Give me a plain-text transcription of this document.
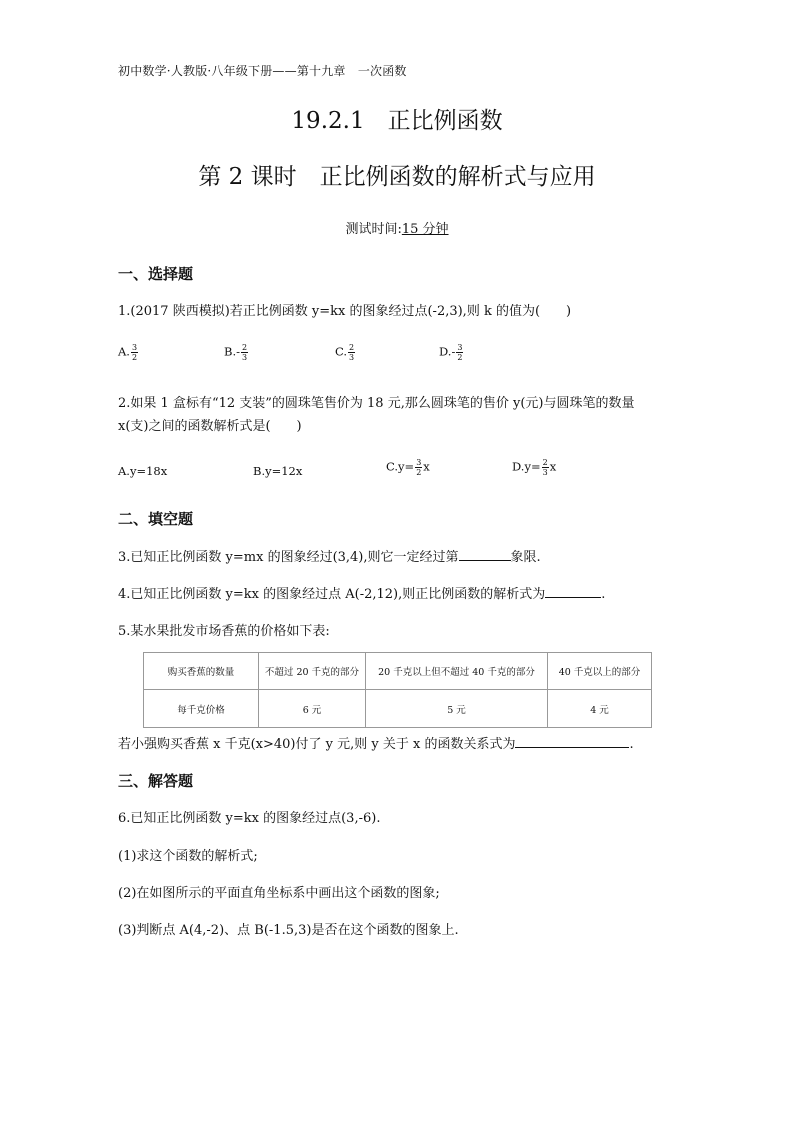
初中数学·人教版·八年级下册——第十九章　一次函数
19.2.1　正比例函数
第 2 课时　正比例函数的解析式与应用
测试时间:15 分钟
一、选择题
1.(2017 陕西模拟)若正比例函数 y=kx 的图象经过点(-2,3),则 k 的值为(　　)
A. $\frac{3}{2}$	$B.- \frac{2}{3}$	C. $\frac{2}{3}$	$D.- \frac{3}{2}$
2.如果 1 盒标有“12 支装”的圆珠笔售价为 18 元,那么圆珠笔的售价 y(元)与圆珠笔的数量
x(支)之间的函数解析式是(　　)
A.y=18x	B.y=12x	$C.y= \frac{3}{2}$ x	$D.y= \frac{2}{3}$ x
二、填空题
3.已知正比例函数 y=mx 的图象经过(3,4),则它一定经过第	象限.
4.已知正比例函数 y=kx 的图象经过点 A(-2,12),则正比例函数的解析式为	.
5.某水果批发市场香蕉的价格如下表:
购买香蕉的数量	不超过 20 千克的部分	20 千克以上但不超过 40 千克的部分	40 千克以上的部分
每千克价格	6 元	5 元	4 元
若小强购买香蕉 x 千克(x>40)付了 y 元,则 y 关于 x 的函数关系式为	.
三、解答题
6.已知正比例函数 y=kx 的图象经过点(3,-6).
(1)求这个函数的解析式;
(2)在如图所示的平面直角坐标系中画出这个函数的图象;
(3)判断点 A(4,-2)、点 B(-1.5,3)是否在这个函数的图象上.
